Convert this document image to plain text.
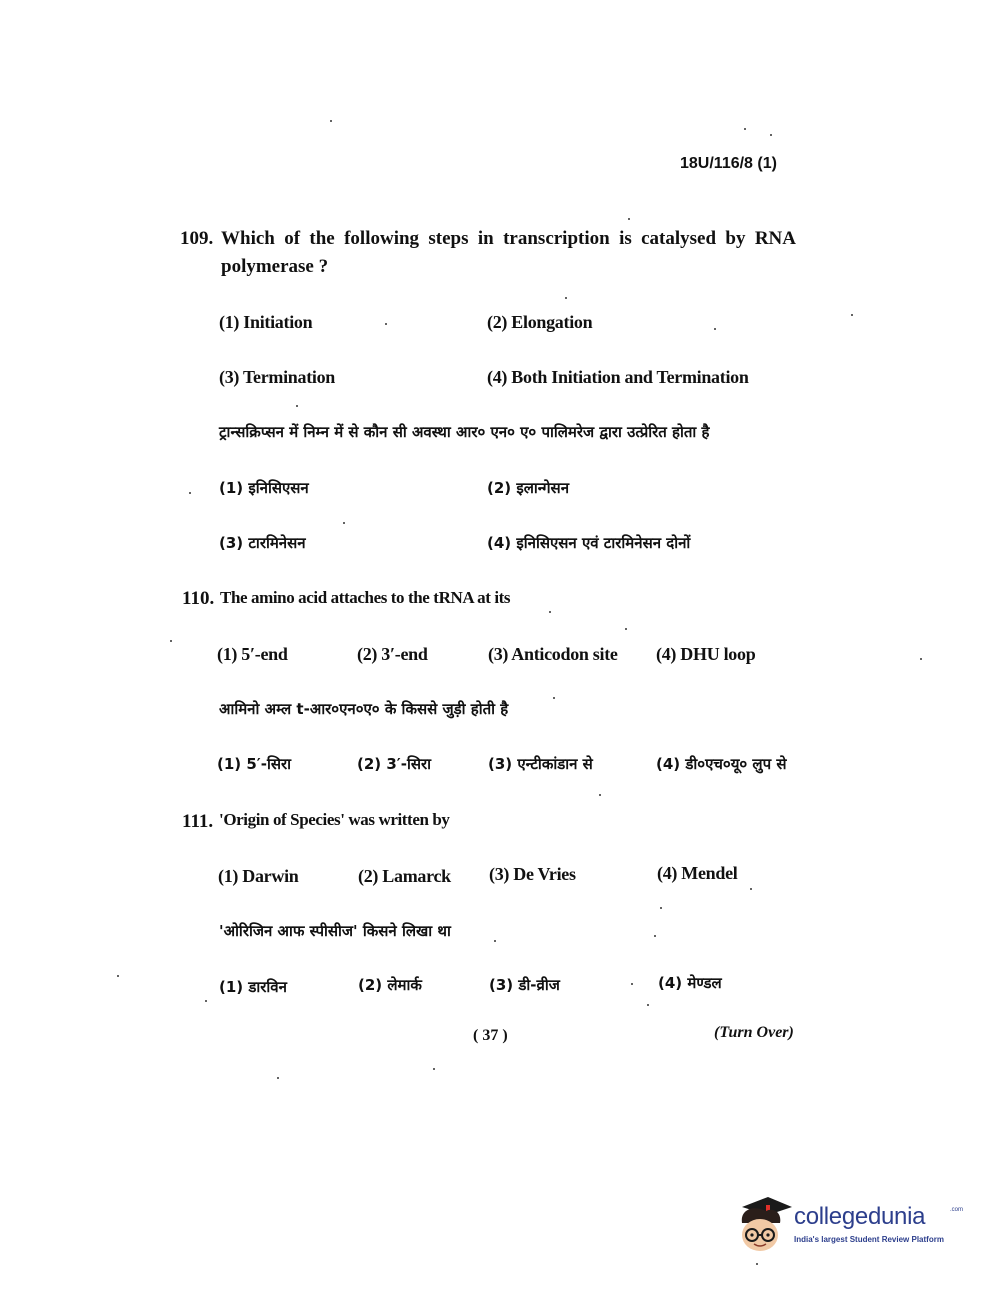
18U/116/8 (1)
109. Which of the following steps in transcription is catalysed by RNA
polymerase ?
(1) Initiation	(2) Elongation
(3) Termination	(4) Both Initiation and Termination
ट्रान्सक्रिप्सन में निम्न में से कौन सी अवस्था आर० एन० ए० पालिमरेज द्वारा उत्प्रेरित होता है
(1) इनिसिएसन	(2) इलान्गेसन
(3) टारमिनेसन	(4) इनिसिएसन एवं टारमिनेसन दोनों
110. The amino acid attaches to the tRNA at its
(1) 5′-end	(2) 3′-end	(3) Anticodon site (4) DHU loop
आमिनो अम्ल t-आर०एन०ए० के किससे जुड़ी होती है
(1) 5′-सिरा	(2) 3′-सिरा	(3) एन्टीकांडान से	(4) डी०एच०यू० लुप से
111. 'Origin of Species' was written by
(1) Darwin	(2) Lamarck (3) De Vries	(4) Mendel
'ओरिजिन आफ स्पीसीज' किसने लिखा था
(1) डारविन	(2) लेमार्क	(3) डी-व्रीज	(4) मेण्डल
( 37 )	(Turn Over)
collegedunia	.com
India's largest Student Review Platform
